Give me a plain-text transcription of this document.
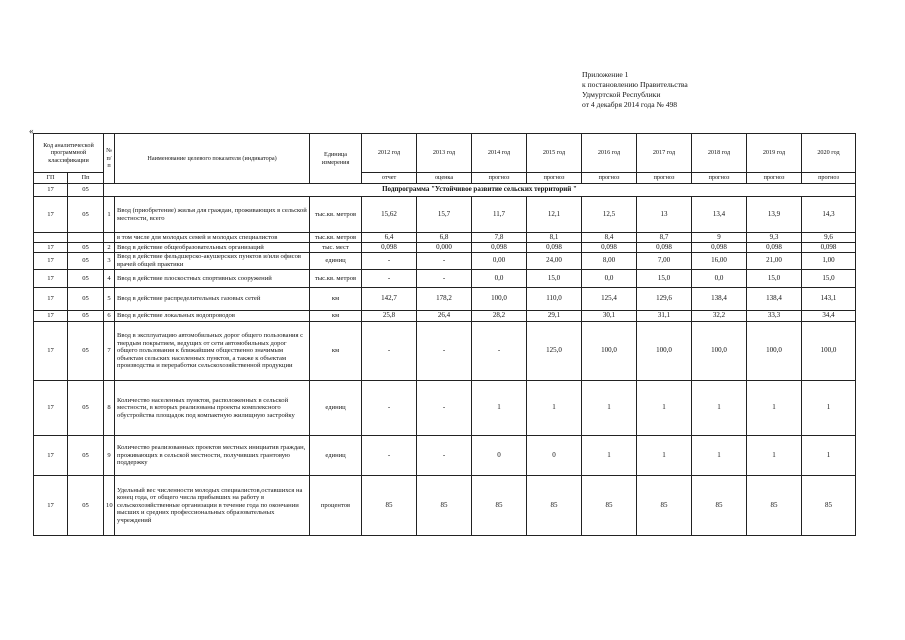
Приложение 1
к постановлению Правительства
Удмуртской Республики
от 4 декабря 2014 года № 498
«
Код аналитической программной классификации		№ п/п	Наименование целевого показателя (индикатора)	Единица измерения	2012 год	2013 год	2014 год	2015 год	2016 год	2017 год	2018 год	2019 год	2020 год
ГП	Пп				отчет	оценка	прогноз	прогноз	прогноз	прогноз	прогноз	прогноз	прогноз
17	05	Подпрограмма "Устойчивое развитие сельских территорий "											
17	05	1	Ввод (приобретение) жилья для граждан, проживающих в сельской местности, всего	тыс.кв. метров	15,62	15,7	11,7	12,1	12,5	13	13,4	13,9	14,3
			в том числе для молодых семей и молодых специалистов	тыс.кв. метров	6,4	6,8	7,8	8,1	8,4	8,7	9	9,3	9,6
17	05	2	Ввод в действие общеобразовательных организаций	тыс. мест	0,098	0,000	0,098	0,098	0,098	0,098	0,098	0,098	0,098
17	05	3	Ввод в действие фельдшерско-акушерских пунктов и/или офисов врачей общей практики	единиц	-	-	0,00	24,00	8,00	7,00	16,00	21,00	1,00
17	05	4	Ввод в действие плоскостных спортивных сооружений	тыс.кв. метров	-	-	0,0	15,0	0,0	15,0	0,0	15,0	15,0
17	05	5	Ввод в действие распределительных газовых сетей	км	142,7	178,2	100,0	110,0	125,4	129,6	138,4	138,4	143,1
17	05	6	Ввод в действие локальных водопроводов	км	25,8	26,4	28,2	29,1	30,1	31,1	32,2	33,3	34,4
17	05	7	Ввод в эксплуатацию автомобильных дорог общего пользования с твердым покрытием, ведущих от сети автомобильных дорог общего пользования к ближайшим общественно значимым объектам сельских населенных пунктов, а также к объектам производства и переработки сельскохозяйственной продукции	км	-	-	-	125,0	100,0	100,0	100,0	100,0	100,0
17	05	8	Количество населенных пунктов, расположенных в сельской местности, в которых реализованы проекты комплексного обустройства площадок под компактную жилищную застройку	единиц	-	-	1	1	1	1	1	1	1
17	05	9	Количество реализованных проектов местных инициатив граждан, проживающих в сельской местности, получивших грантовую поддержку	единиц	-	-	0	0	1	1	1	1	1
17	05	10	Удельный вес численности молодых специалистов,оставшихся на конец года, от общего числа прибывших на работу в сельскохозяйственные организации в течение года по окончании высших и средних профессиональных образовательных учреждений	процентов	85	85	85	85	85	85	85	85	85
